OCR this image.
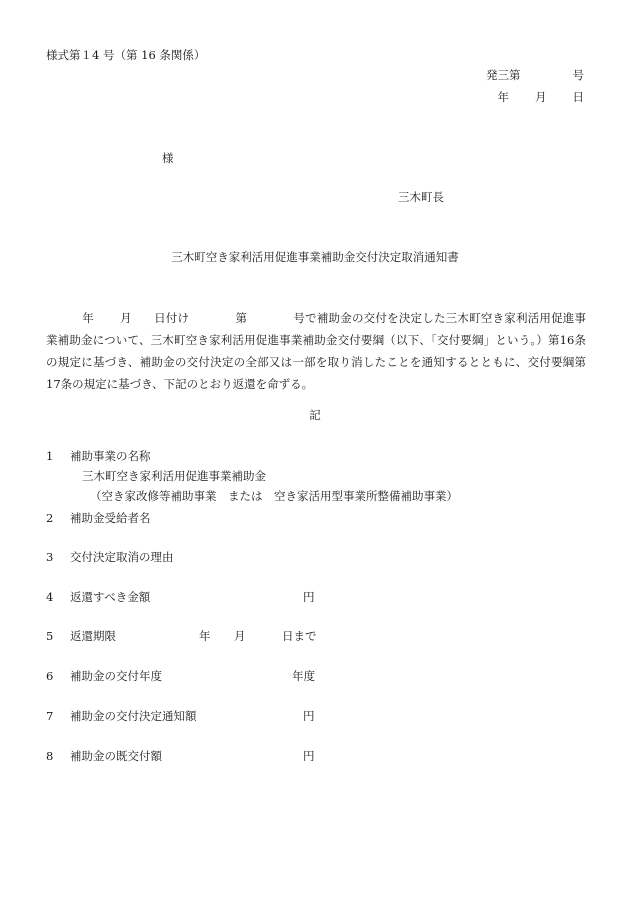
様式第１4 号（第 16 条関係）
発三第	号
年 月 日
様
三木町長
三木町空き家利活用促進事業補助金交付決定取消通知書
年 月 日付け	第	号で補助金の交付を決定した三木町空き家利活用促進事業補助金について、三木町空き家利活用促進事業補助金交付要綱（以下、「交付要綱」という。）第16条の規定に基づき、補助金の交付決定の全部又は一部を取り消したことを通知するとともに、交付要綱第17条の規定に基づき、下記のとおり返還を命ずる。
記
1 補助事業の名称
三木町空き家利活用促進事業補助金
（空き家改修等補助事業　または　空き家活用型事業所整備補助事業）
2 補助金受給者名
3 交付決定取消の理由
4 返還すべき金額	円
5 返還期限	年 月	日まで
6 補助金の交付年度	年度
7 補助金の交付決定通知額	円
8 補助金の既交付額	円
